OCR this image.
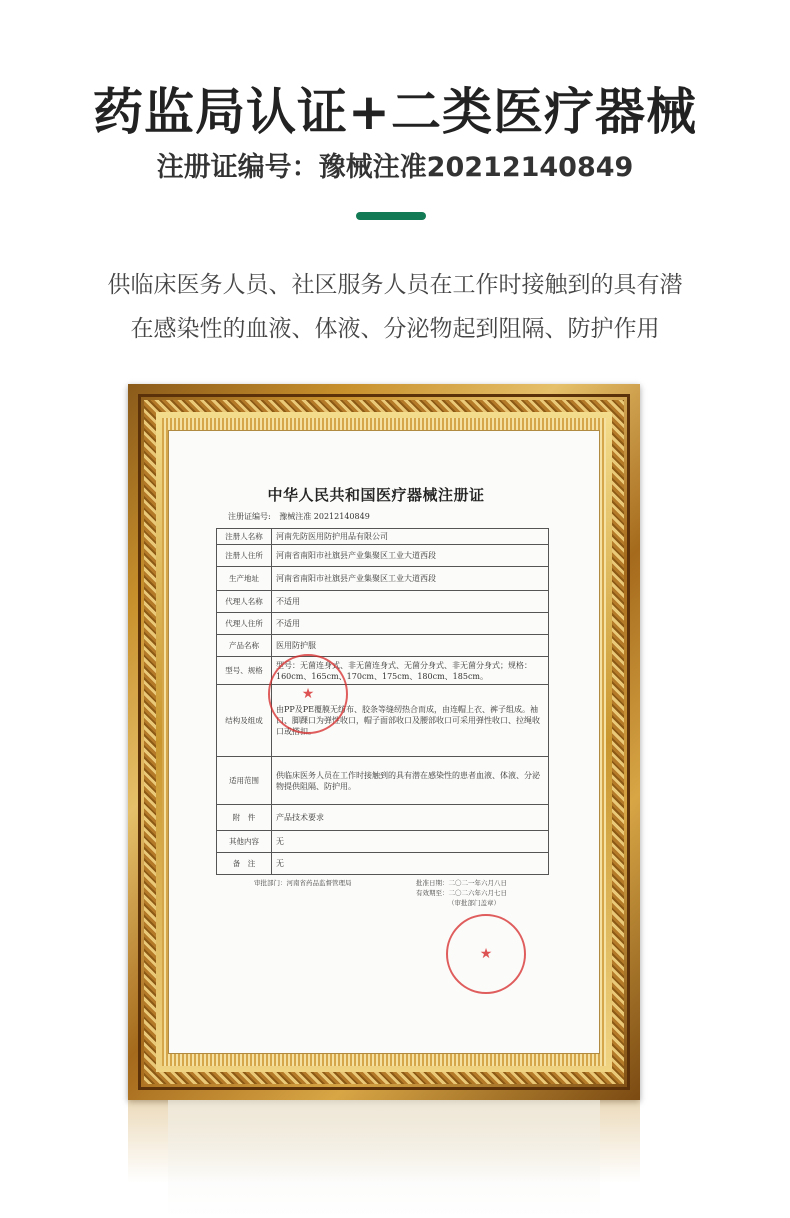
药监局认证+二类医疗器械
注册证编号：豫械注准20212140849
供临床医务人员、社区服务人员在工作时接触到的具有潜
在感染性的血液、体液、分泌物起到阻隔、防护作用
中华人民共和国医疗器械注册证
注册证编号: 豫械注准 20212140849
注册人名称	河南先防医用防护用品有限公司
注册人住所	河南省南阳市社旗县产业集聚区工业大道西段
生产地址	河南省南阳市社旗县产业集聚区工业大道西段
代理人名称	不适用
代理人住所	不适用
产品名称	医用防护服
型号、规格	型号：无菌连身式、非无菌连身式、无菌分身式、非无菌分身式；规格：160cm、165cm、170cm、175cm、180cm、185cm。
结构及组成	由PP及PE覆膜无纺布、胶条等缝纫热合而成，由连帽上衣、裤子组成。袖口、脚踝口为弹性收口，帽子面部收口及腰部收口可采用弹性收口、拉绳收口或搭扣。
适用范围	供临床医务人员在工作时接触到的具有潜在感染性的患者血液、体液、分泌物提供阻隔、防护用。
附　件	产品技术要求
其他内容	无
备　注	无
审批部门：河南省药品监督管理局	批准日期：二〇二一年六月八日
有效期至：二〇二六年六月七日
（审批部门盖章）
★
★
